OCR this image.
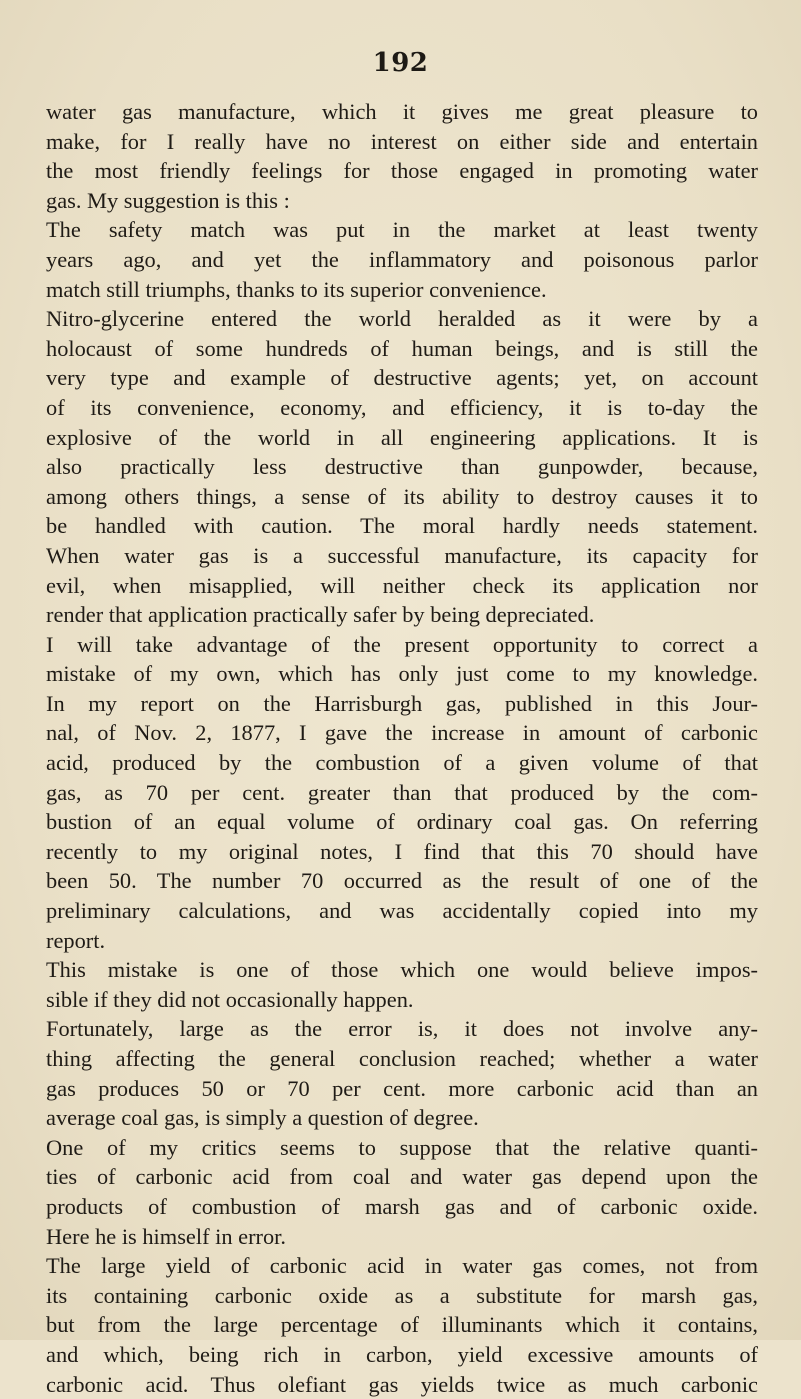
192
water gas manufacture, which it gives me great pleasure to
make, for I really have no interest on either side and entertain
the most friendly feelings for those engaged in promoting water
gas. My suggestion is this :
The safety match was put in the market at least twenty
years ago, and yet the inflammatory and poisonous parlor
match still triumphs, thanks to its superior convenience.
Nitro-glycerine entered the world heralded as it were by a
holocaust of some hundreds of human beings, and is still the
very type and example of destructive agents; yet, on account
of its convenience, economy, and efficiency, it is to-day the
explosive of the world in all engineering applications. It is
also practically less destructive than gunpowder, because,
among others things, a sense of its ability to destroy causes it to
be handled with caution. The moral hardly needs statement.
When water gas is a successful manufacture, its capacity for
evil, when misapplied, will neither check its application nor
render that application practically safer by being depreciated.
I will take advantage of the present opportunity to correct a
mistake of my own, which has only just come to my knowledge.
In my report on the Harrisburgh gas, published in this Jour-
nal, of Nov. 2, 1877, I gave the increase in amount of carbonic
acid, produced by the combustion of a given volume of that
gas, as 70 per cent. greater than that produced by the com-
bustion of an equal volume of ordinary coal gas. On referring
recently to my original notes, I find that this 70 should have
been 50. The number 70 occurred as the result of one of the
preliminary calculations, and was accidentally copied into my
report.
This mistake is one of those which one would believe impos-
sible if they did not occasionally happen.
Fortunately, large as the error is, it does not involve any-
thing affecting the general conclusion reached; whether a water
gas produces 50 or 70 per cent. more carbonic acid than an
average coal gas, is simply a question of degree.
One of my critics seems to suppose that the relative quanti-
ties of carbonic acid from coal and water gas depend upon the
products of combustion of marsh gas and of carbonic oxide.
Here he is himself in error.
The large yield of carbonic acid in water gas comes, not from
its containing carbonic oxide as a substitute for marsh gas,
but from the large percentage of illuminants which it contains,
and which, being rich in carbon, yield excessive amounts of
carbonic acid. Thus olefiant gas yields twice as much carbonic
